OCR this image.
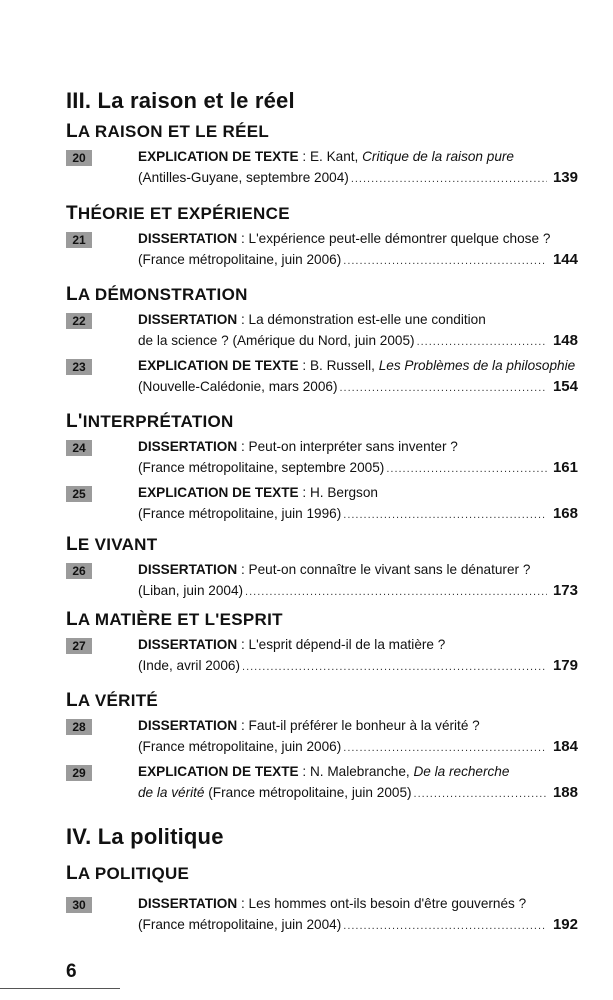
III. La raison et le réel
LA RAISON ET LE RÉEL
20	EXPLICATION DE TEXTE : E. Kant, Critique de la raison pure
(Antilles-Guyane, septembre 2004) .....	139
THÉORIE ET EXPÉRIENCE
21	DISSERTATION : L'expérience peut-elle démontrer quelque chose ?
(France métropolitaine, juin 2006) .....	144
LA DÉMONSTRATION
22	DISSERTATION : La démonstration est-elle une condition
de la science ? (Amérique du Nord, juin 2005) .....	148
23	EXPLICATION DE TEXTE : B. Russell, Les Problèmes de la philosophie
(Nouvelle-Calédonie, mars 2006) .....	154
L'INTERPRÉTATION
24	DISSERTATION : Peut-on interpréter sans inventer ?
(France métropolitaine, septembre 2005) .....	161
25	EXPLICATION DE TEXTE : H. Bergson
(France métropolitaine, juin 1996) .....	168
LE VIVANT
26	DISSERTATION : Peut-on connaître le vivant sans le dénaturer ?
(Liban, juin 2004) .....	173
LA MATIÈRE ET L'ESPRIT
27	DISSERTATION : L'esprit dépend-il de la matière ?
(Inde, avril 2006) .....	179
LA VÉRITÉ
28	DISSERTATION : Faut-il préférer le bonheur à la vérité ?
(France métropolitaine, juin 2006) .....	184
29	EXPLICATION DE TEXTE : N. Malebranche, De la recherche
de la vérité (France métropolitaine, juin 2005) .....	188
IV. La politique
LA POLITIQUE
30	DISSERTATION : Les hommes ont-ils besoin d'être gouvernés ?
(France métropolitaine, juin 2004) .....	192

6
